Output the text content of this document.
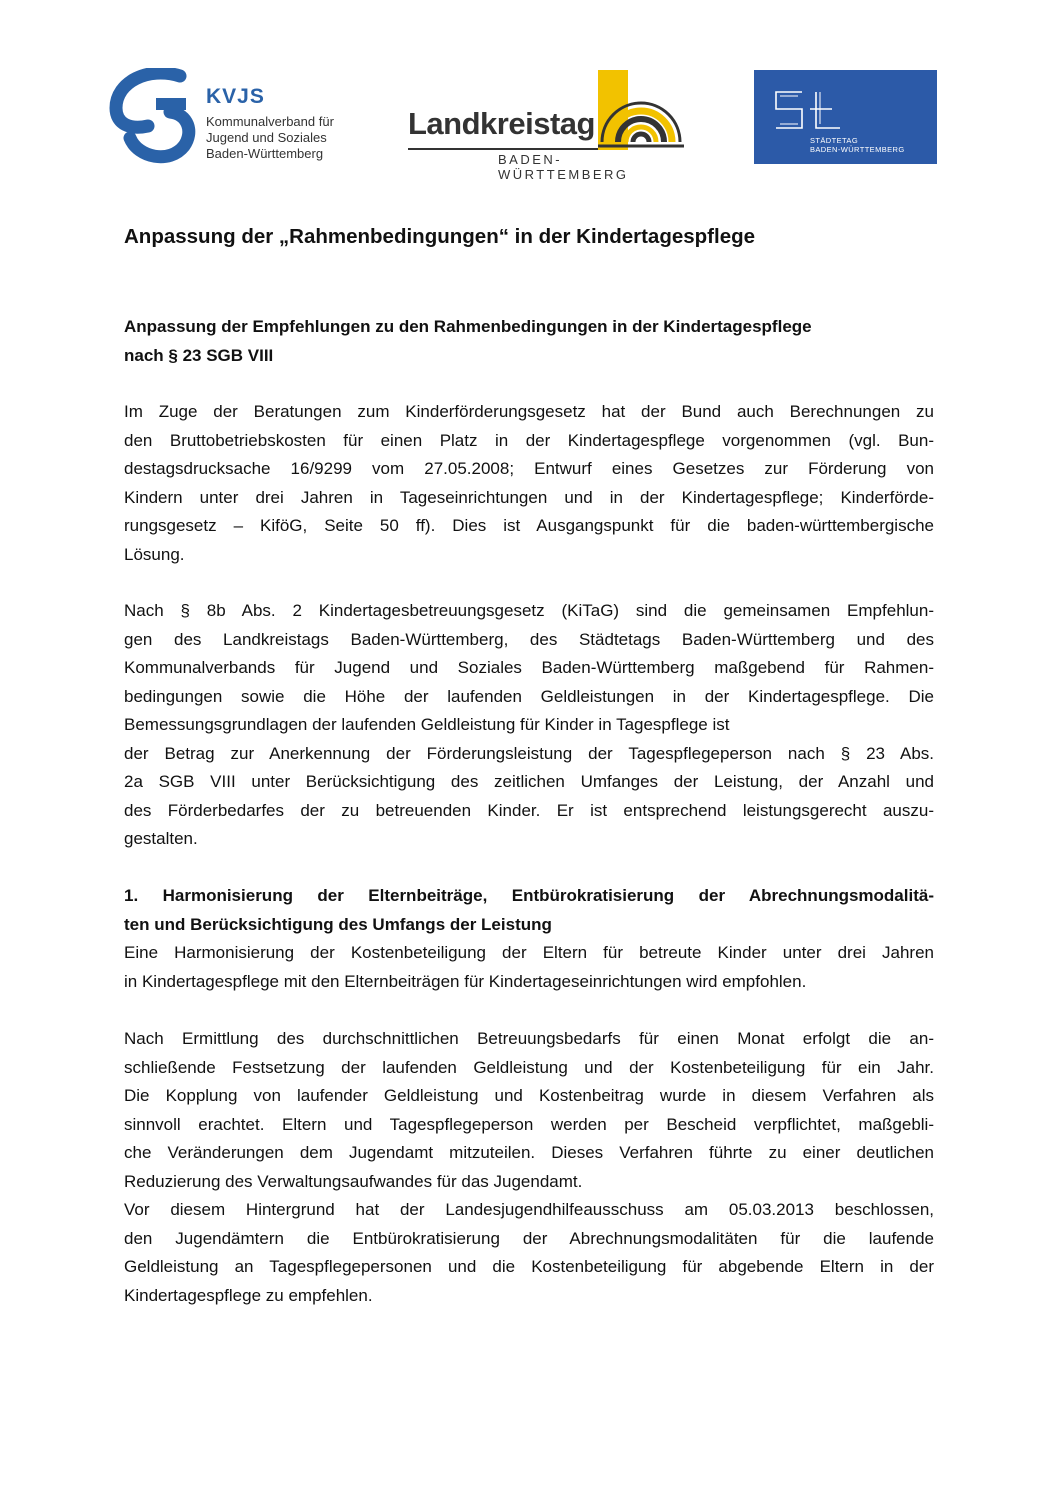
KVJS
Kommunalverband für
Jugend und Soziales
Baden-Württemberg
Landkreistag
BADEN-WÜRTTEMBERG
STÄDTETAG
BADEN-WÜRTTEMBERG
Anpassung der „Rahmenbedingungen“ in der Kindertagespflege
Anpassung der Empfehlungen zu den Rahmenbedingungen in der Kindertagespflege
nach § 23 SGB VIII
Im Zuge der Beratungen zum Kinderförderungsgesetz hat der Bund auch Berechnungen zu
den Bruttobetriebskosten für einen Platz in der Kindertagespflege vorgenommen (vgl. Bun-
destagsdrucksache 16/9299 vom 27.05.2008; Entwurf eines Gesetzes zur Förderung von
Kindern unter drei Jahren in Tageseinrichtungen und in der Kindertagespflege; Kinderförde-
rungsgesetz – KiföG, Seite 50 ff). Dies ist Ausgangspunkt für die baden-württembergische
Lösung.
Nach § 8b Abs. 2 Kindertagesbetreuungsgesetz (KiTaG) sind die gemeinsamen Empfehlun-
gen des Landkreistags Baden-Württemberg, des Städtetags Baden-Württemberg und des
Kommunalverbands für Jugend und Soziales Baden-Württemberg maßgebend für Rahmen-
bedingungen sowie die Höhe der laufenden Geldleistungen in der Kindertagespflege. Die
Bemessungsgrundlagen der laufenden Geldleistung für Kinder in Tagespflege ist
der Betrag zur Anerkennung der Förderungsleistung der Tagespflegeperson nach § 23 Abs.
2a SGB VIII unter Berücksichtigung des zeitlichen Umfanges der Leistung, der Anzahl und
des Förderbedarfes der zu betreuenden Kinder. Er ist entsprechend leistungsgerecht auszu-
gestalten.
1. Harmonisierung der Elternbeiträge, Entbürokratisierung der Abrechnungsmodalitä-
ten und Berücksichtigung des Umfangs der Leistung
Eine Harmonisierung der Kostenbeteiligung der Eltern für betreute Kinder unter drei Jahren
in Kindertagespflege mit den Elternbeiträgen für Kindertageseinrichtungen wird empfohlen.
Nach Ermittlung des durchschnittlichen Betreuungsbedarfs für einen Monat erfolgt die an-
schließende Festsetzung der laufenden Geldleistung und der Kostenbeteiligung für ein Jahr.
Die Kopplung von laufender Geldleistung und Kostenbeitrag wurde in diesem Verfahren als
sinnvoll erachtet. Eltern und Tagespflegeperson werden per Bescheid verpflichtet, maßgebli-
che Veränderungen dem Jugendamt mitzuteilen. Dieses Verfahren führte zu einer deutlichen
Reduzierung des Verwaltungsaufwandes für das Jugendamt.
Vor diesem Hintergrund hat der Landesjugendhilfeausschuss am 05.03.2013 beschlossen,
den Jugendämtern die Entbürokratisierung der Abrechnungsmodalitäten für die laufende
Geldleistung an Tagespflegepersonen und die Kostenbeteiligung für abgebende Eltern in der
Kindertagespflege zu empfehlen.
